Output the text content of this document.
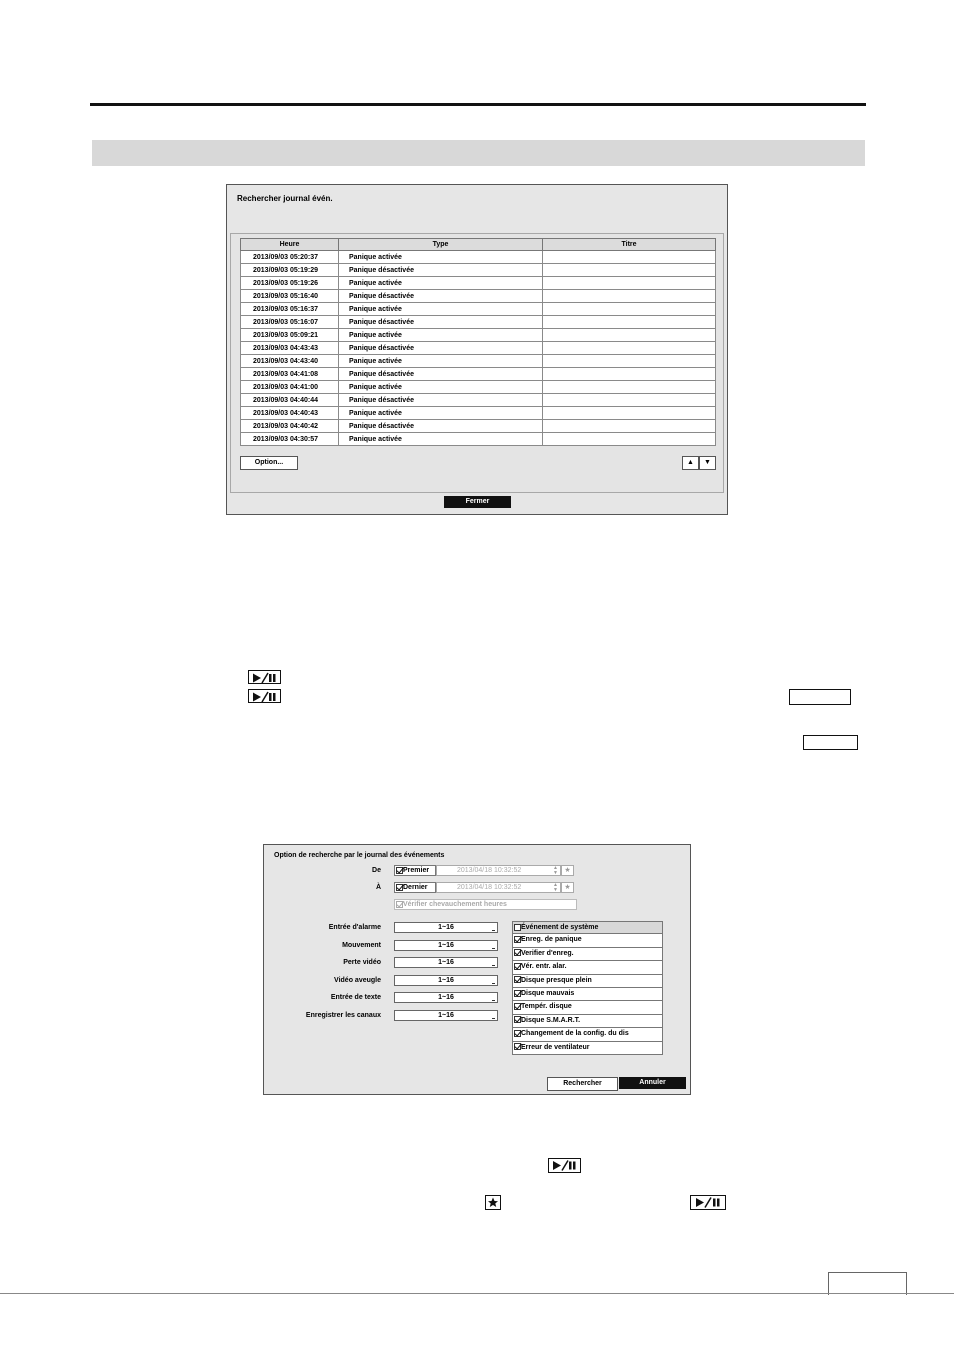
Rechercher journal évén.
Heure	Type	Titre
2013/09/03 05:20:37	Panique activée	
2013/09/03 05:19:29	Panique désactivée	
2013/09/03 05:19:26	Panique activée	
2013/09/03 05:16:40	Panique désactivée	
2013/09/03 05:16:37	Panique activée	
2013/09/03 05:16:07	Panique désactivée	
2013/09/03 05:09:21	Panique activée	
2013/09/03 04:43:43	Panique désactivée	
2013/09/03 04:43:40	Panique activée	
2013/09/03 04:41:08	Panique désactivée	
2013/09/03 04:41:00	Panique activée	
2013/09/03 04:40:44	Panique désactivée	
2013/09/03 04:40:43	Panique activée	
2013/09/03 04:40:42	Panique désactivée	
2013/09/03 04:30:57	Panique activée	
Option...	▲	▼
Fermer
Option de recherche par le journal des événements
De	Premier	2013/04/18 10:32:52	▲
▼ ★
À	Dernier	2013/04/18 10:32:52	▲
▼ ★
Vérifier chevauchement heures
Entrée d'alarme	1~16
Mouvement	1~16
Perte vidéo	1~16
Vidéo aveugle	1~16
Entrée de texte	1~16
Enregistrer les canaux	1~16
Événement de système
Enreg. de panique
Verifier d'enreg.
Vér. entr. alar.
Disque presque plein
Disque mauvais
Tempér. disque
Disque S.M.A.R.T.
Changement de la config. du dis
Erreur de ventilateur
Rechercher	Annuler
